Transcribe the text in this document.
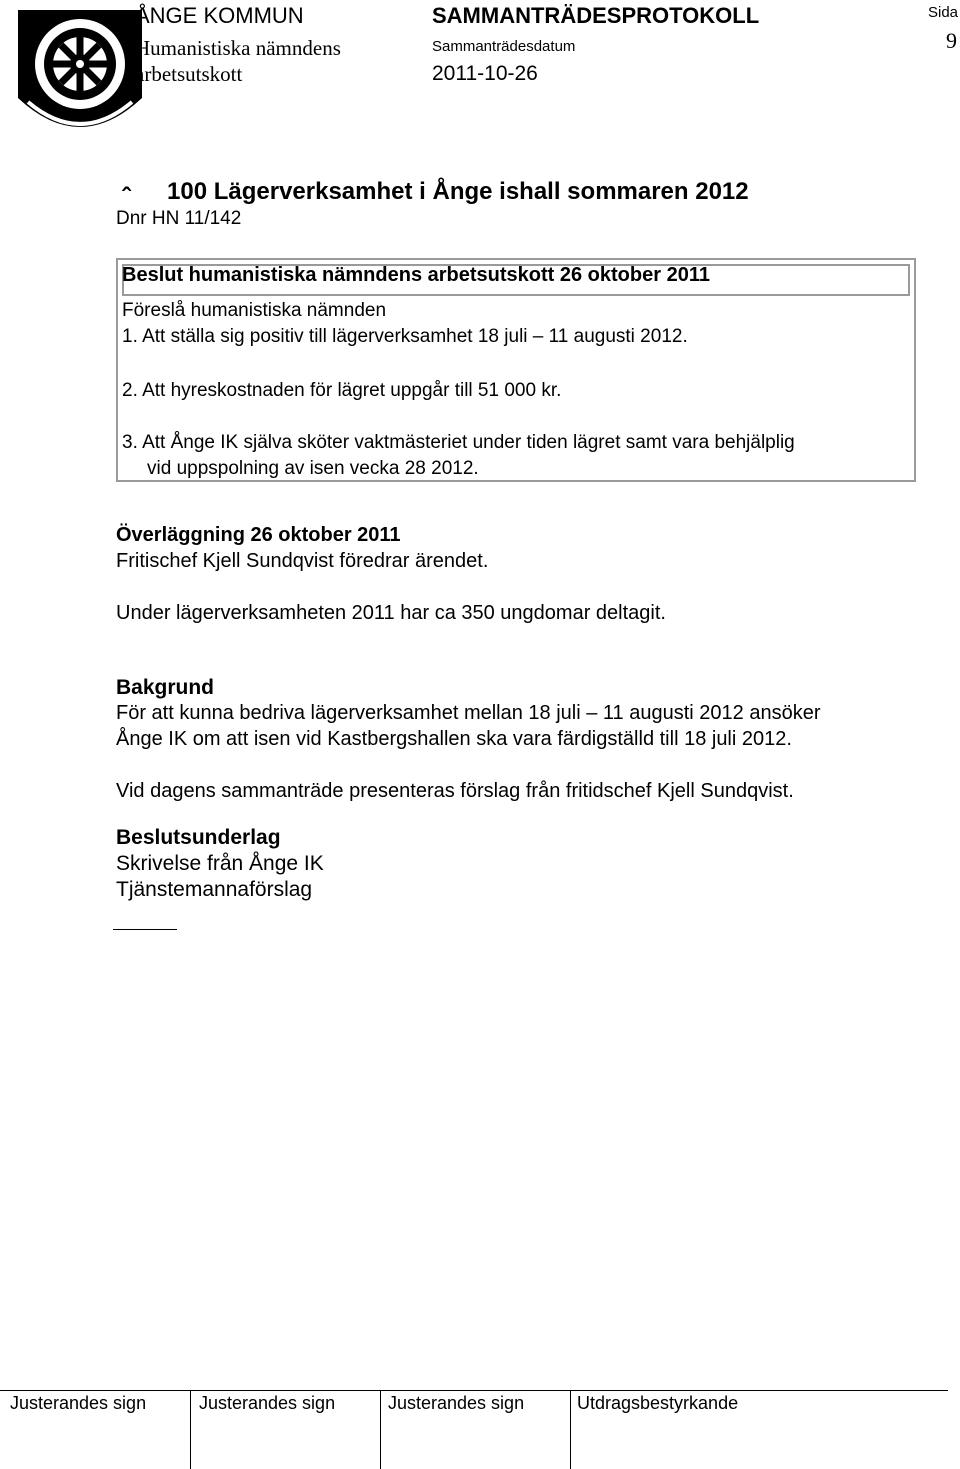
ÅNGE KOMMUN
Humanistiska nämndens
arbetsutskott
SAMMANTRÄDESPROTOKOLL
Sammanträdesdatum
2011-10-26
Sida
9
ˆ 100 Lägerverksamhet i Ånge ishall sommaren 2012
Dnr HN 11/142
Beslut humanistiska nämndens arbetsutskott 26 oktober 2011
Föreslå humanistiska nämnden
1. Att ställa sig positiv till lägerverksamhet 18 juli – 11 augusti 2012.
2. Att hyreskostnaden för lägret uppgår till 51 000 kr.
3. Att Ånge IK själva sköter vaktmästeriet under tiden lägret samt vara behjälplig
vid uppspolning av isen vecka 28 2012.
Överläggning 26 oktober 2011
Fritischef Kjell Sundqvist föredrar ärendet.
Under lägerverksamheten 2011 har ca 350 ungdomar deltagit.
Bakgrund
För att kunna bedriva lägerverksamhet mellan 18 juli – 11 augusti 2012 ansöker
Ånge IK om att isen vid Kastbergshallen ska vara färdigställd till 18 juli 2012.
Vid dagens sammanträde presenteras förslag från fritidschef Kjell Sundqvist.
Beslutsunderlag
Skrivelse från Ånge IK
Tjänstemannaförslag
Justerandes sign	Justerandes sign	Justerandes sign	Utdragsbestyrkande
